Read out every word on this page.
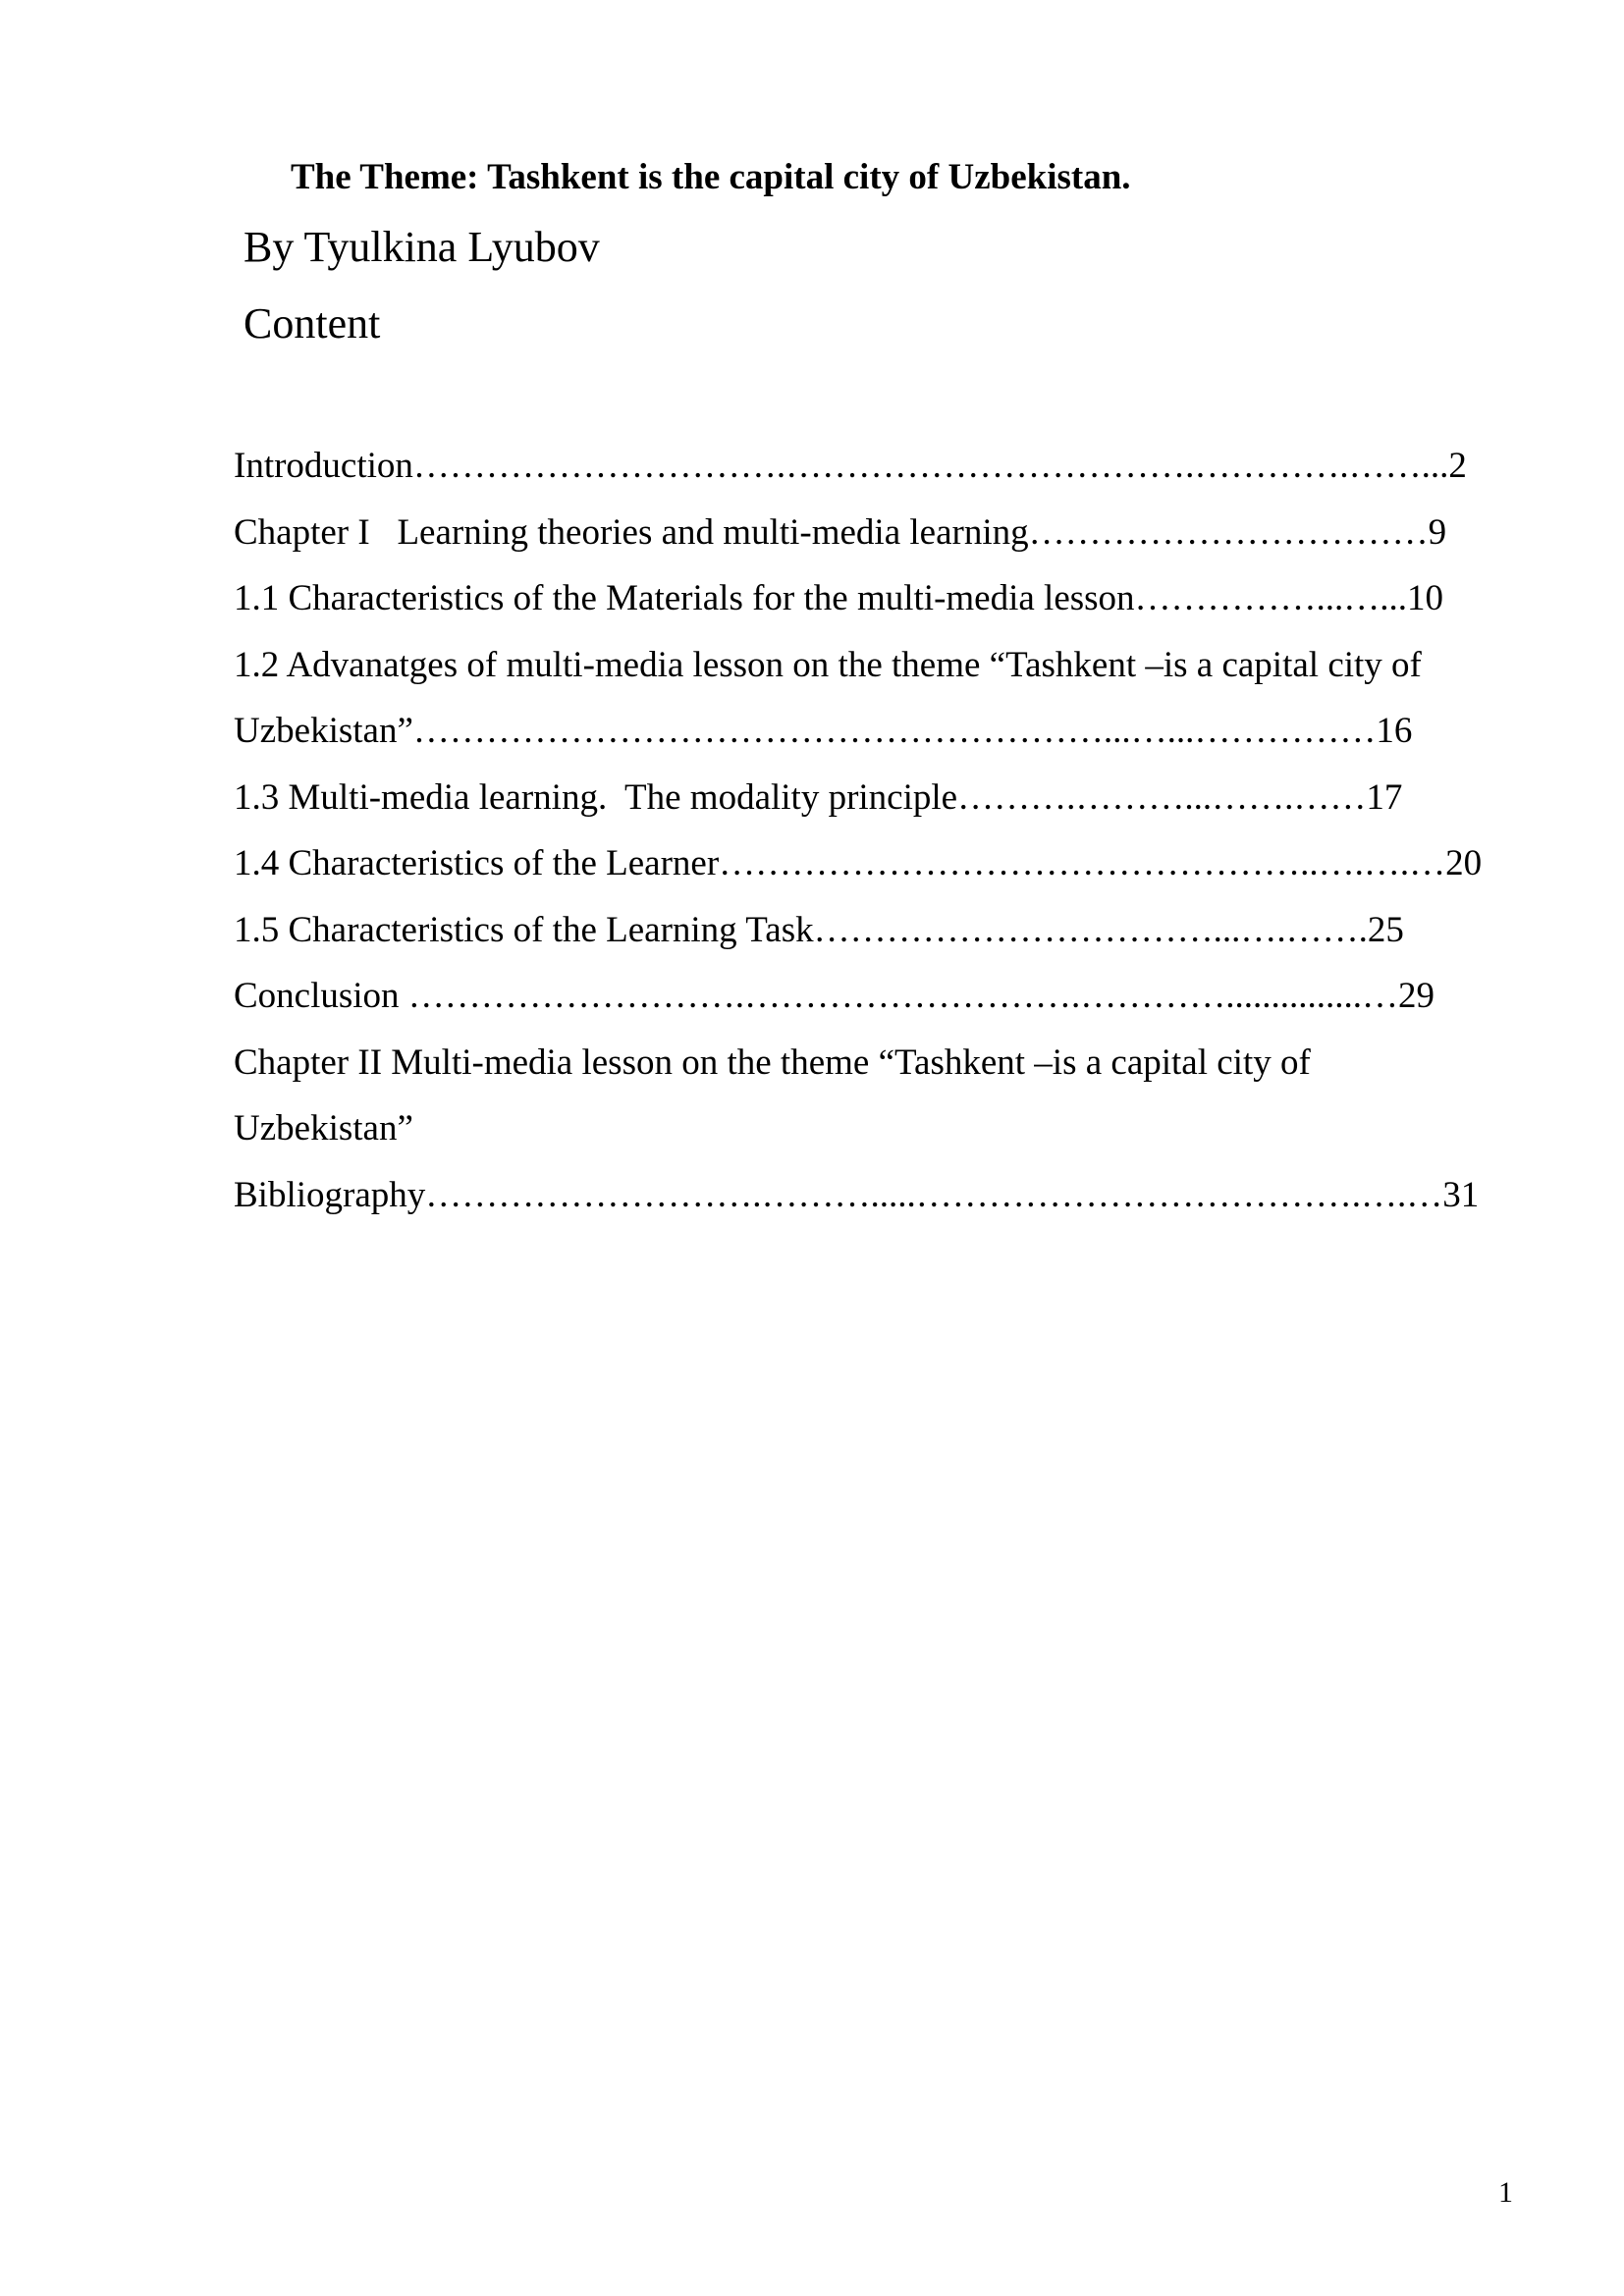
The Theme: Tashkent is the capital city of Uzbekistan.
By Tyulkina Lyubov
Content
Introduction………………………….…………………………….………….……...2
Chapter I   Learning theories and multi-media learning……………………………9
1.1 Characteristics of the Materials for the multi-media lesson……………...…...10
1.2 Advanatges of multi-media lesson on the theme “Tashkent –is a capital city of
Uzbekistan”…………………………………………………...…...……………16
1.3 Multi-media learning.  The modality principle……….………...…….……17
1.4 Characteristics of the Learner…………………………………………..….….…20
1.5 Characteristics of the Learning Task……………………………...….…….25
Conclusion ……………………….……………………….…………...............…29
Chapter II Multi-media lesson on the theme “Tashkent –is a capital city of
Uzbekistan”
Bibliography……………………….……….....……………………………….….…31
1
